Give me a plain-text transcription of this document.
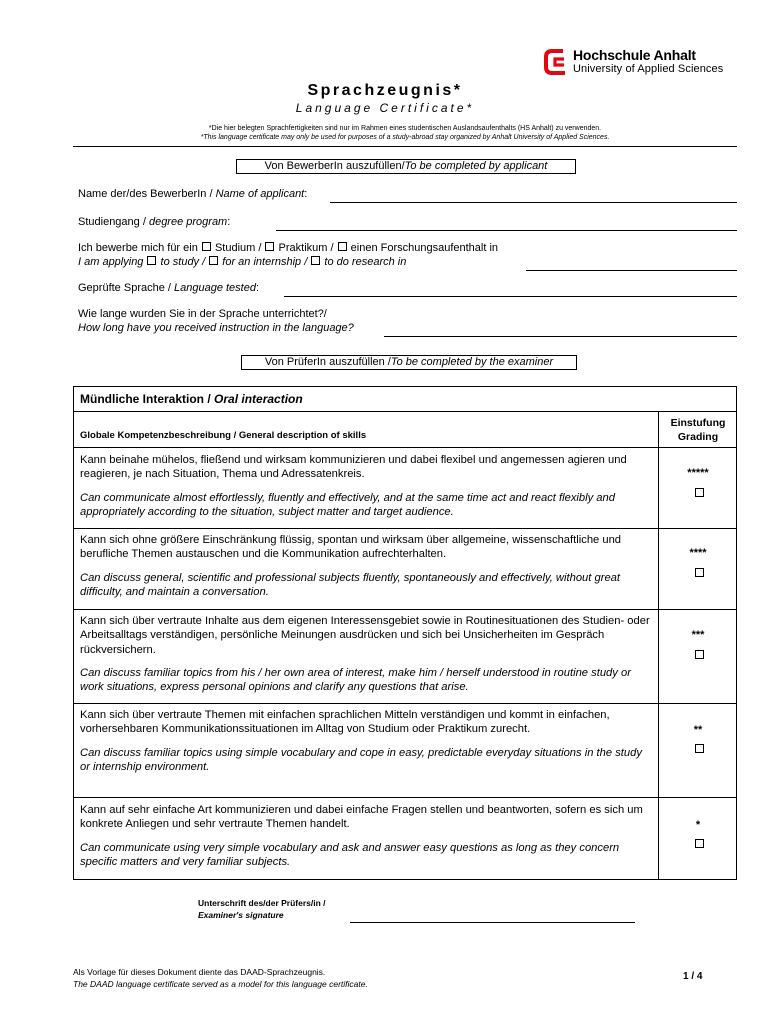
Hochschule Anhalt
University of Applied Sciences
Sprachzeugnis*
Language Certificate*
*Die hier belegten Sprachfertigkeiten sind nur im Rahmen eines studentischen Auslandsaufenthalts (HS Anhalt) zu verwenden.
*This language certificate may only be used for purposes of a study-abroad stay organized by Anhalt University of Applied Sciences.
Von BewerberIn auszufüllen/To be completed by applicant
Name der/des BewerberIn / Name of applicant:
Studiengang / degree program:
Ich bewerbe mich für ein  Studium /  Praktikum /  einen Forschungsaufenthalt in
I am applying  to study /  for an internship /  to do research in
Geprüfte Sprache / Language tested:
Wie lange wurden Sie in der Sprache unterrichtet?/
How long have you received instruction in the language?
Von PrüferIn auszufüllen /To be completed by the examiner
Mündliche Interaktion / Oral interaction
Globale Kompetenzbeschreibung / General description of skills
Einstufung
Grading

Kann beinahe mühelos, fließend und wirksam kommunizieren und dabei flexibel und angemessen agieren und reagieren, je nach Situation, Thema und Adressatenkreis.

Can communicate almost effortlessly, fluently and effectively, and at the same time act and react flexibly and appropriately according to the situation, subject matter and target audience.

*****

Kann sich ohne größere Einschränkung flüssig, spontan und wirksam über allgemeine, wissenschaftliche und berufliche Themen austauschen und die Kommunikation aufrechterhalten.

Can discuss general, scientific and professional subjects fluently, spontaneously and effectively, without great difficulty, and maintain a conversation.

****

Kann sich über vertraute Inhalte aus dem eigenen Interessensgebiet sowie in Routinesituationen des Studien- oder Arbeitsalltags verständigen, persönliche Meinungen ausdrücken und sich bei Unsicherheiten im Gespräch rückversichern.

Can discuss familiar topics from his / her own area of interest, make him / herself understood in routine study or work situations, express personal opinions and clarify any questions that arise.

***

Kann sich über vertraute Themen mit einfachen sprachlichen Mitteln verständigen und kommt in einfachen, vorhersehbaren Kommunikationssituationen im Alltag von Studium oder Praktikum zurecht.

Can discuss familiar topics using simple vocabulary and cope in easy, predictable everyday situations in the study or internship environment.

**

Kann auf sehr einfache Art kommunizieren und dabei einfache Fragen stellen und beantworten, sofern es sich um konkrete Anliegen und sehr vertraute Themen handelt.

Can communicate using very simple vocabulary and ask and answer easy questions as long as they concern specific matters and very familiar subjects.

*
Unterschrift des/der Prüfers/in /
Examiner's signature
Als Vorlage für dieses Dokument diente das DAAD-Sprachzeugnis.
The DAAD language certificate served as a model for this language certificate.
1 / 4
